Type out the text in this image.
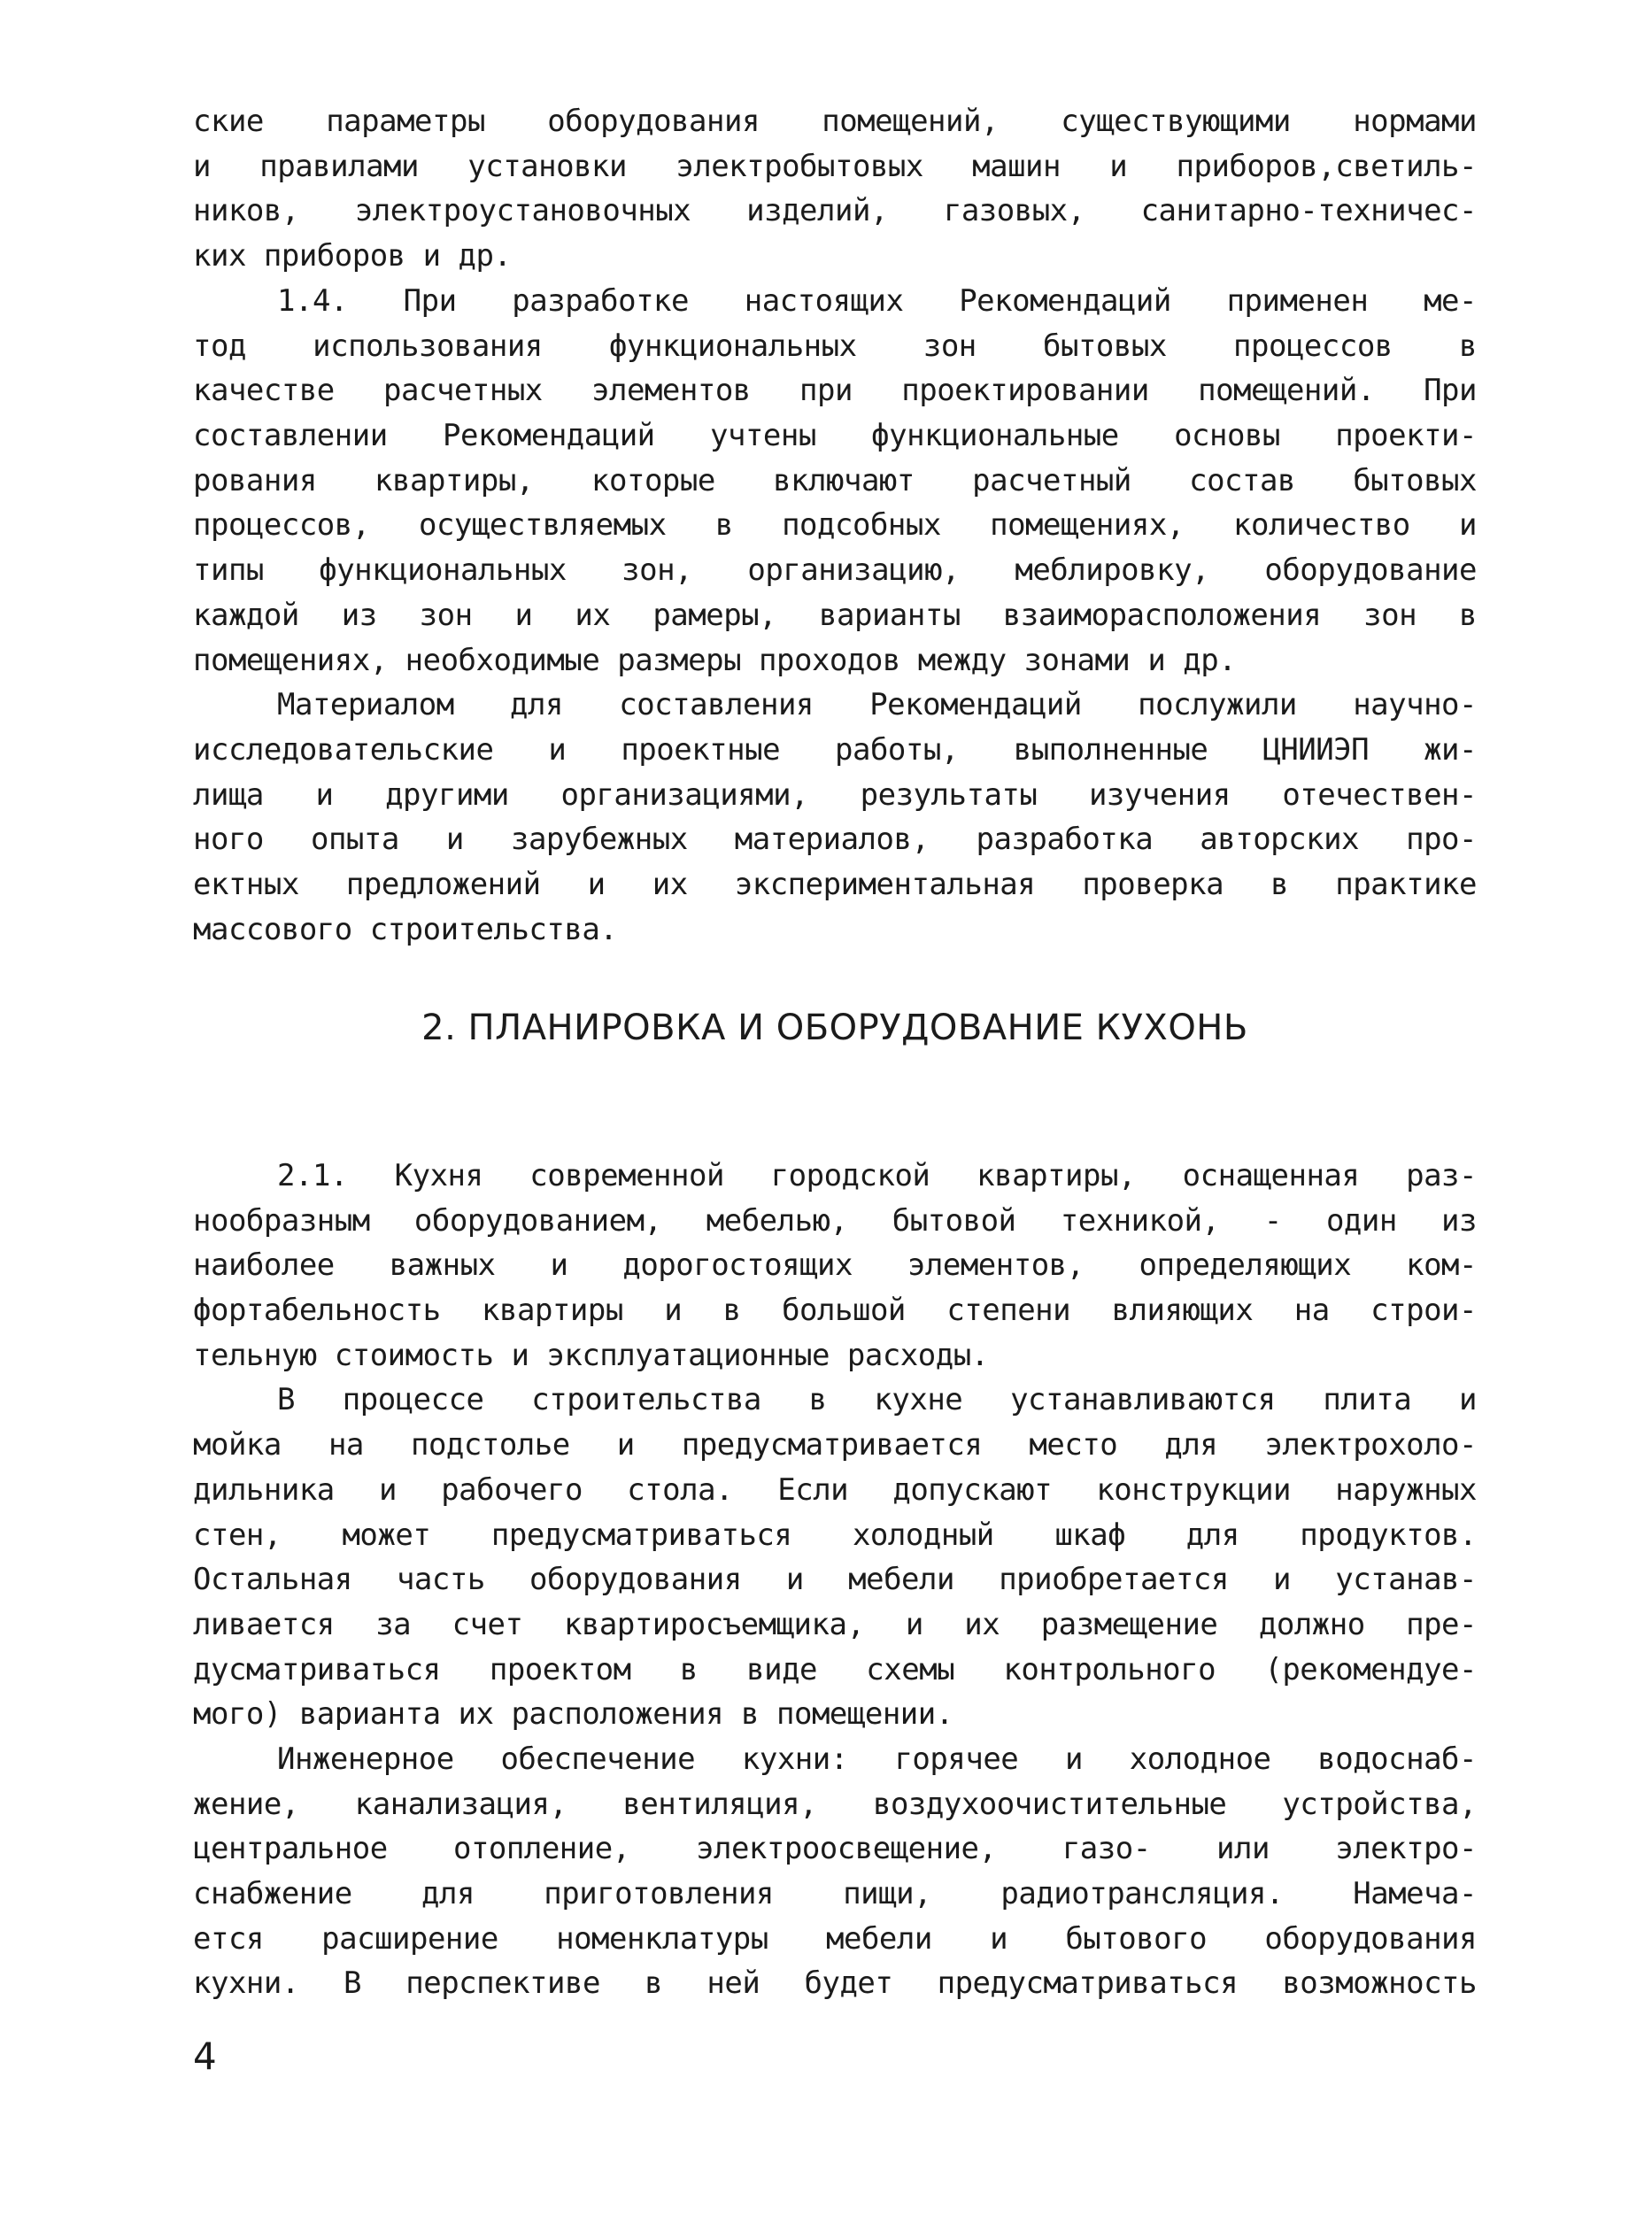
ские параметры оборудования помещений, существующими нормами
и правилами установки электробытовых машин и приборов,светиль-
ников, электроустановочных изделий, газовых, санитарно-техничес-
ких приборов и др.
1.4. При разработке настоящих Рекомендаций применен ме-
тод использования функциональных зон бытовых процессов в
качестве расчетных элементов при проектировании помещений. При
составлении Рекомендаций учтены функциональные основы проекти-
рования квартиры, которые включают расчетный состав бытовых
процессов, осуществляемых в подсобных помещениях, количество и
типы функциональных зон, организацию, меблировку, оборудование
каждой из зон и их рамеры, варианты взаиморасположения зон в
помещениях, необходимые размеры проходов между зонами и др.
Материалом для составления Рекомендаций послужили научно-
исследовательские и проектные работы, выполненные ЦНИИЭП жи-
лища и другими организациями, результаты изучения отечествен-
ного опыта и зарубежных материалов, разработка авторских про-
ектных предложений и их экспериментальная проверка в практике
массового строительства.
2. ПЛАНИРОВКА И ОБОРУДОВАНИЕ КУХОНЬ
2.1. Кухня современной городской квартиры, оснащенная раз-
нообразным оборудованием, мебелью, бытовой техникой, - один из
наиболее важных и дорогостоящих элементов, определяющих ком-
фортабельность квартиры и в большой степени влияющих на строи-
тельную стоимость и эксплуатационные расходы.
В процессе строительства в кухне устанавливаются плита и
мойка на подстолье и предусматривается место для электрохоло-
дильника и рабочего стола. Если допускают конструкции наружных
стен, может предусматриваться холодный шкаф для продуктов.
Остальная часть оборудования и мебели приобретается и устанав-
ливается за счет квартиросъемщика, и их размещение должно пре-
дусматриваться проектом в виде схемы контрольного (рекомендуе-
мого) варианта их расположения в помещении.
Инженерное обеспечение кухни: горячее и холодное водоснаб-
жение, канализация, вентиляция, воздухоочистительные устройства,
центральное отопление, электроосвещение, газо- или электро-
снабжение для приготовления пищи, радиотрансляция. Намеча-
ется расширение номенклатуры мебели и бытового оборудования
кухни. В перспективе в ней будет предусматриваться возможность
4
